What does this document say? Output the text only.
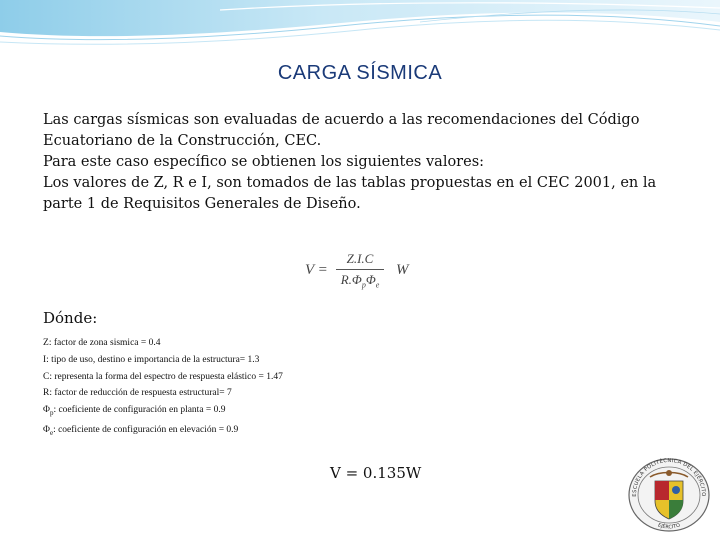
CARGA SÍSMICA

Las cargas sísmicas son evaluadas de acuerdo a las recomendaciones del Código Ecuatoriano de la Construcción, CEC.

Para este caso específico se obtienen los siguientes valores:

Los valores de Z, R e I, son tomados de las tablas propuestas en el CEC 2001, en la parte 1 de Requisitos Generales de Diseño.

V =
Z.I.C
$R.\Phi_p\Phi_e$
W
Dónde:
Z: factor de zona sismica = 0.4
I: tipo de uso, destino e importancia de la estructura= 1.3
C: representa la forma del espectro de respuesta elástico = 1.47
R: factor de reducción de respuesta estructural= 7
$\Phi_p$: coeficiente de configuración en planta = 0.9
$\Phi_e$: coeficiente de configuración en elevación = 0.9
V = 0.135W
ESCUELA POLITÉCNICA DEL EJÉRCITO
EJÉRCITO
